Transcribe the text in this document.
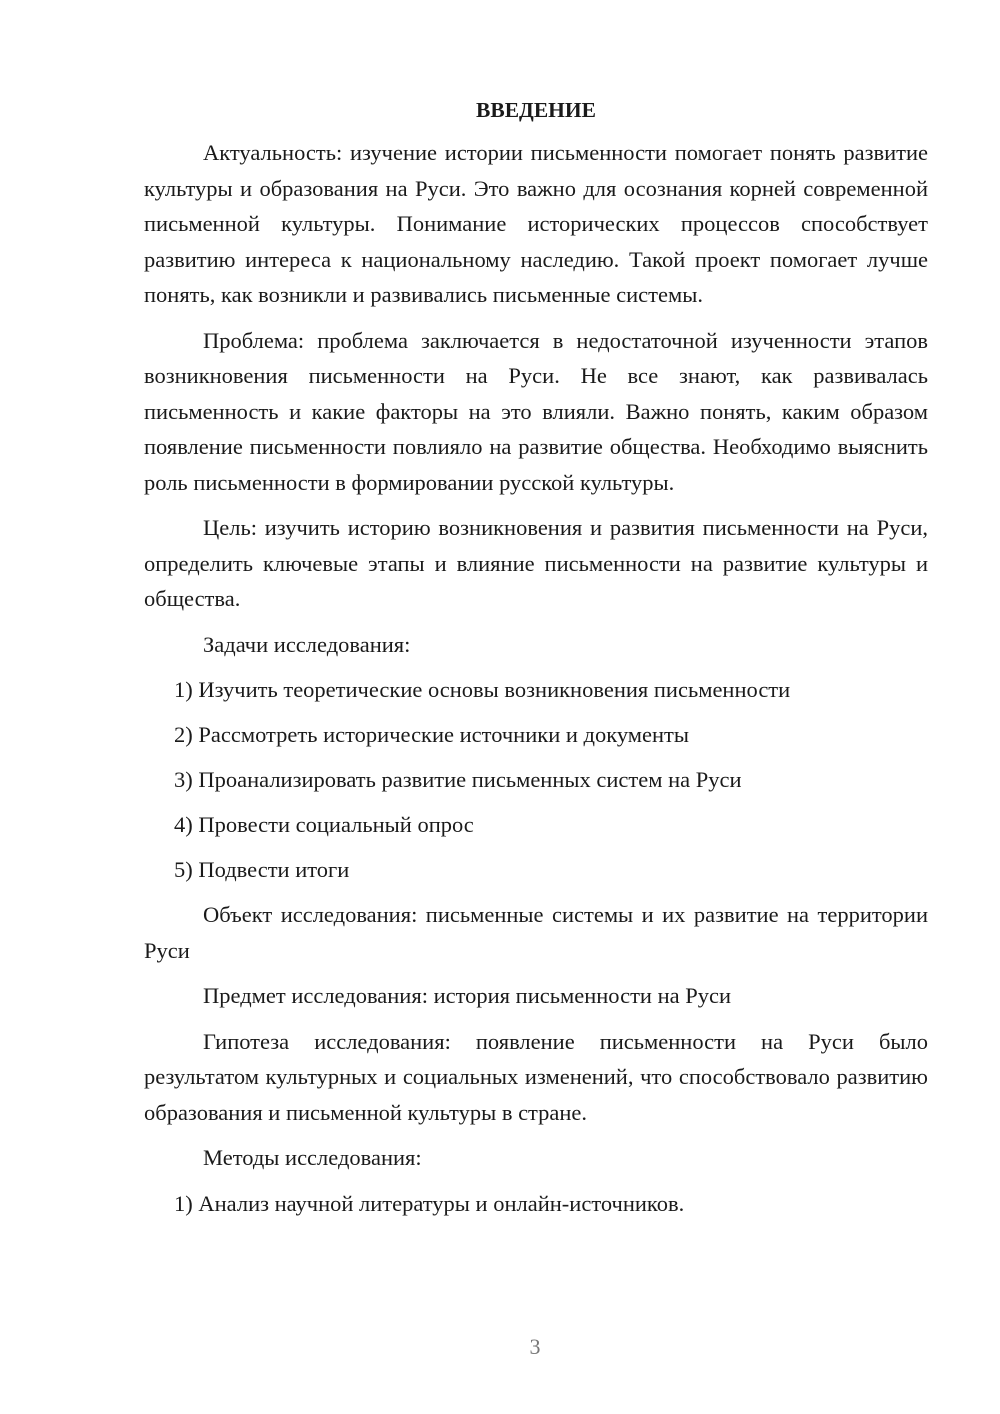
ВВЕДЕНИЕ

Актуальность: изучение истории письменности помогает понять развитие культуры и образования на Руси. Это важно для осознания корней современной письменной культуры. Понимание исторических процессов способствует развитию интереса к национальному наследию. Такой проект помогает лучше понять, как возникли и развивались письменные системы.

Проблема: проблема заключается в недостаточной изученности этапов возникновения письменности на Руси. Не все знают, как развивалась письменность и какие факторы на это влияли. Важно понять, каким образом появление письменности повлияло на развитие общества. Необходимо выяснить роль письменности в формировании русской культуры.

Цель: изучить историю возникновения и развития письменности на Руси, определить ключевые этапы и влияние письменности на развитие культуры и общества.

Задачи исследования:

1) Изучить теоретические основы возникновения письменности
2) Рассмотреть исторические источники и документы
3) Проанализировать развитие письменных систем на Руси
4) Провести социальный опрос
5) Подвести итоги

Объект исследования: письменные системы и их развитие на территории Руси

Предмет исследования: история письменности на Руси

Гипотеза исследования: появление письменности на Руси было результатом культурных и социальных изменений, что способствовало развитию образования и письменной культуры в стране.

Методы исследования:

1) Анализ научной литературы и онлайн-источников.
3
